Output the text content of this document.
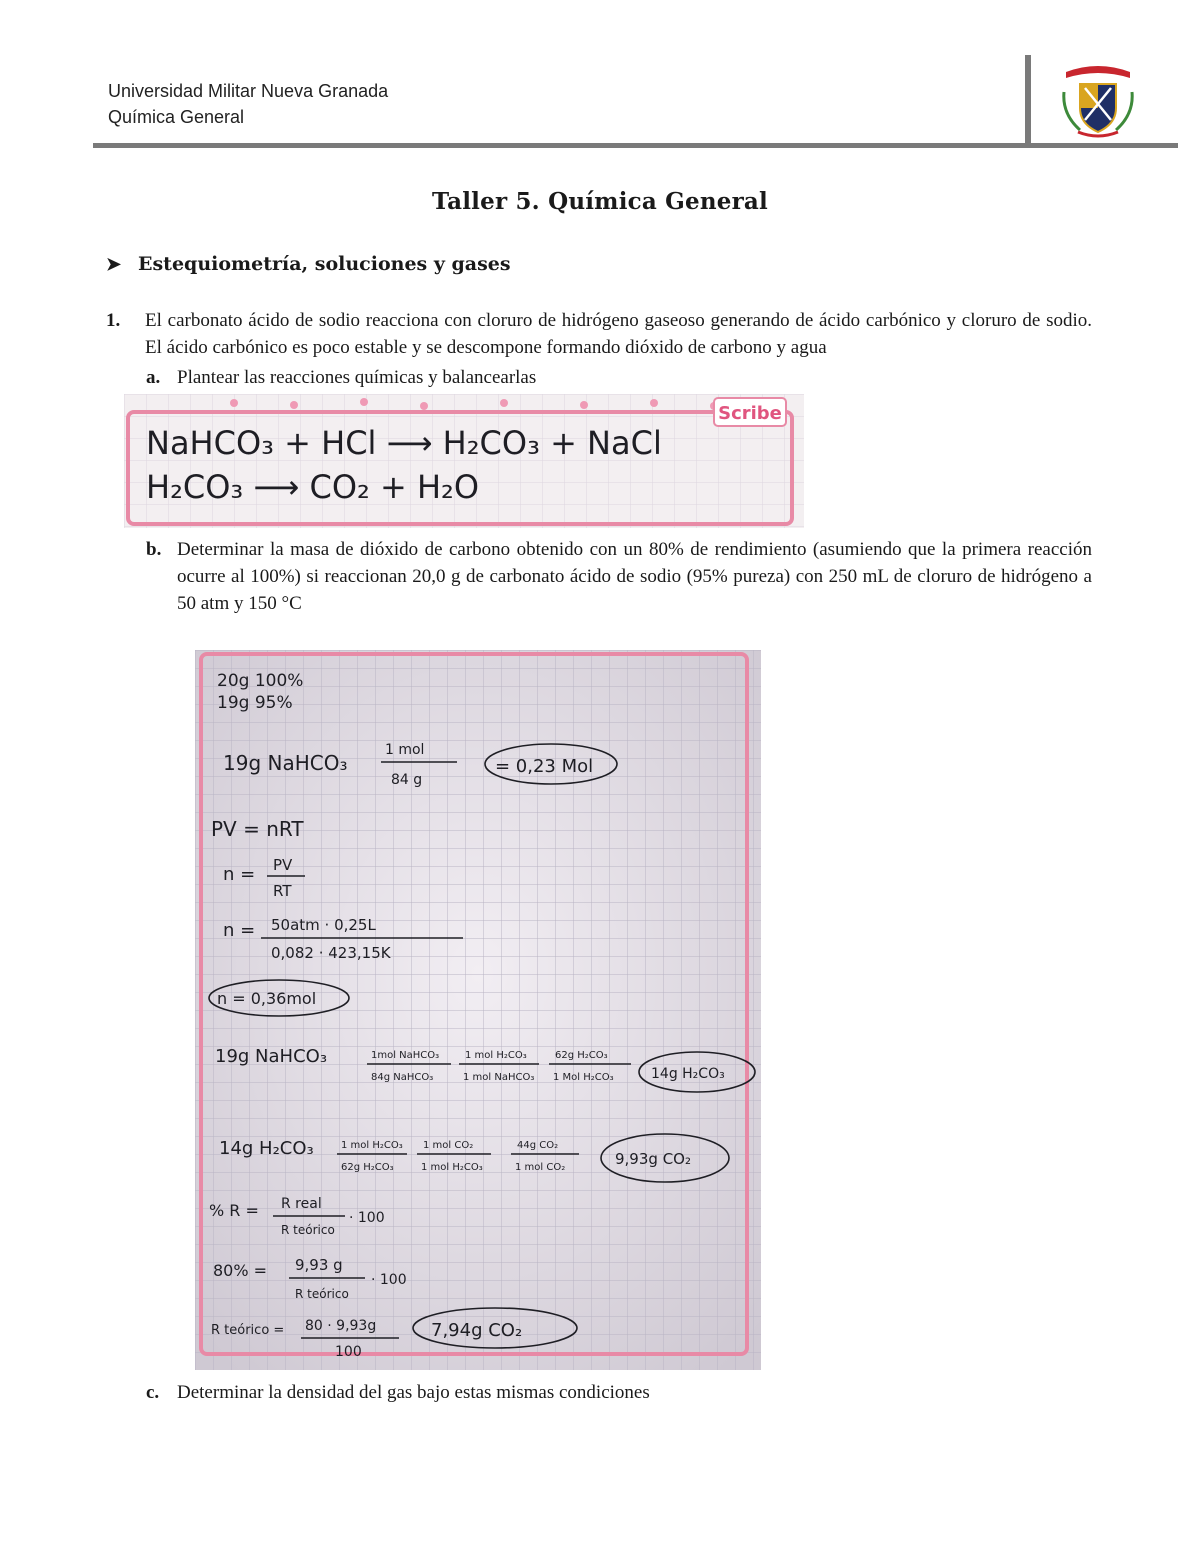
Universidad Militar Nueva Granada
Química General
Taller 5. Química General
➤ Estequiometría, soluciones y gases
1. El carbonato ácido de sodio reacciona con cloruro de hidrógeno gaseoso generando de ácido carbónico y cloruro de sodio. El ácido carbónico es poco estable y se descompone formando dióxido de carbono y agua
a. Plantear las reacciones químicas y balancearlas
Scribe
NaHCO₃ + HCl ⟶ H₂CO₃ + NaCl
H₂CO₃ ⟶ CO₂ + H₂O
b. Determinar la masa de dióxido de carbono obtenido con un 80% de rendimiento (asumiendo que la primera reacción ocurre al 100%) si reaccionan 20,0 g de carbonato ácido de sodio (95% pureza) con 250 mL de cloruro de hidrógeno a 50 atm y 150 °C
20g 100%
19g 95%
19g NaHCO₃
1 mol
84 g
= 0,23 Mol
PV = nRT
n = PV
RT
n = 50atm · 0,25L
0,082 · 423,15K
n = 0,36mol
19g NaHCO₃	1mol NaHCO₃
84g NaHCO₃
1 mol H₂CO₃
1 mol NaHCO₃
62g H₂CO₃
1 Mol H₂CO₃	14g H₂CO₃
14g H₂CO₃	1 mol H₂CO₃
62g H₂CO₃
1 mol CO₂
1 mol H₂CO₃
44g CO₂
1 mol CO₂	9,93g CO₂
% R = R real
R teórico
· 100
80% = 9,93 g
R teórico
· 100
R teórico = 80 · 9,93g
100
7,94g CO₂
c. Determinar la densidad del gas bajo estas mismas condiciones
